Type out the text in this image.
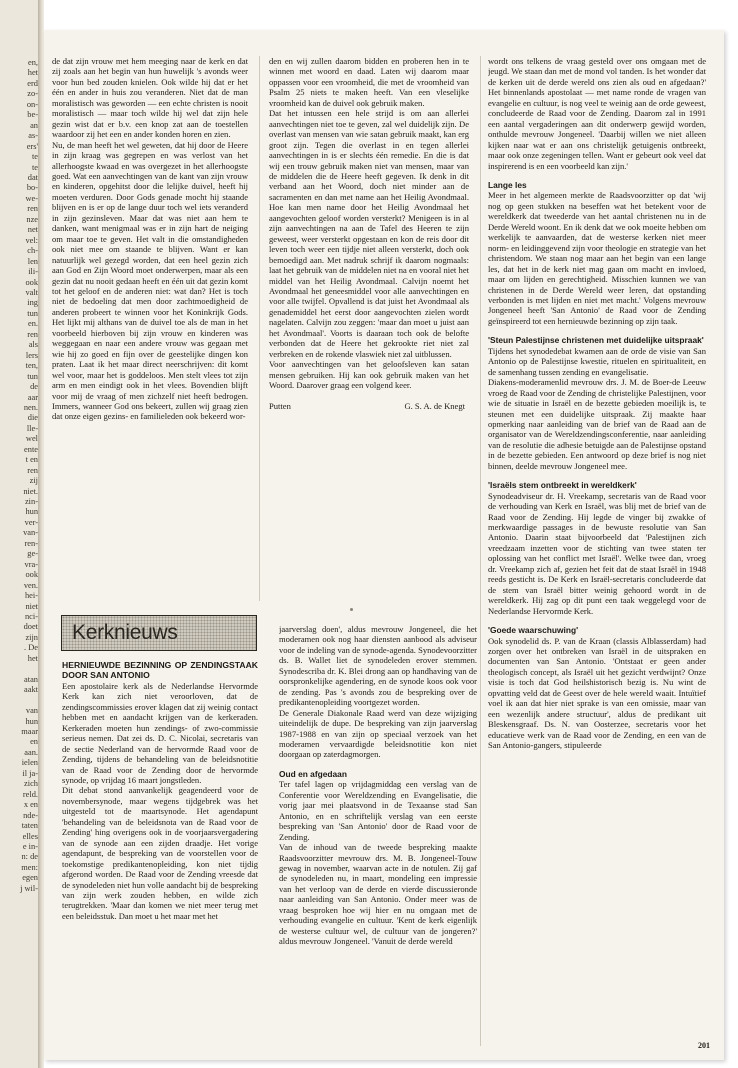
en,
het
erd
zo-
on-
be-
an
as-
ers'
te
te
dat
bo-
we-
ren
nze
net
vel:
ch-
len
ili-
ook
valt
ing
tun
en.
ren
als
lers
ten,
tun
de
aar
nen.
die
lle-
wel
ente
t en
ren
zij
niet.
zin-
hun
ver-
van-
ren-
ge-
vra-
ook
ven.
hei-
niet
nci-
doet
zijn
. De
het

atan
aakt

van
hun
maar
en
aan.
ielen
il ja-
zich
reld.
x en
nde-
taten
elles
e in-
n: de
men:
egen
j wil-

de dat zijn vrouw met hem meeging naar de kerk en dat zij zoals aan het begin van hun huwelijk 's avonds weer voor hun bed zouden knielen. Ook wilde hij dat er het één en ander in huis zou veranderen. Niet dat de man moralistisch was geworden — een echte christen is nooit moralistisch — maar toch wilde hij wel dat zijn hele gezin wist dat er b.v. een knop zat aan de toestellen waardoor zij het een en ander konden horen en zien.

Nu, de man heeft het wel geweten, dat hij door de Heere in zijn kraag was gegrepen en was verlost van het allerhoogste kwaad en was overgezet in het allerhoogste goed. Wat een aanvechtingen van de kant van zijn vrouw en kinderen, opgehitst door die lelijke duivel, heeft hij moeten verduren. Door Gods genade mocht hij staande blijven en is er op de lange duur toch wel iets veranderd in zijn gezinsleven. Maar dat was niet aan hem te danken, want menigmaal was er in zijn hart de neiging om maar toe te geven. Het valt in die omstandigheden ook niet mee om staande te blijven. Want er kan natuurlijk wel gezegd worden, dat een heel gezin zich aan God en Zijn Woord moet onderwerpen, maar als een gezin dat nu nooit gedaan heeft en één uit dat gezin komt tot het geloof en de anderen niet: wat dan? Het is toch niet de bedoeling dat men door zachtmoedigheid de anderen probeert te winnen voor het Koninkrijk Gods. Het lijkt mij althans van de duivel toe als de man in het voorbeeld hierboven bij zijn vrouw en kinderen was weggegaan en naar een andere vrouw was gegaan met wie hij zo goed en fijn over de geestelijke dingen kon praten. Laat ik het maar direct neerschrijven: dit komt wel voor, maar het is goddeloos. Men stelt vlees tot zijn arm en men eindigt ook in het vlees. Bovendien blijft voor mij de vraag of men zichzelf niet heeft bedrogen. Immers, wanneer God ons bekeert, zullen wij graag zien dat onze eigen gezins- en familieleden ook bekeerd wor-

den en wij zullen daarom bidden en proberen hen in te winnen met woord en daad. Laten wij daarom maar oppassen voor een vroomheid, die met de vroomheid van Psalm 25 niets te maken heeft. Van een vleselijke vroomheid kan de duivel ook gebruik maken.

Dat het intussen een hele strijd is om aan allerlei aanvechtingen niet toe te geven, zal wel duidelijk zijn. De overlast van mensen van wie satan gebruik maakt, kan erg groot zijn. Tegen die overlast in en tegen allerlei aanvechtingen in is er slechts één remedie. En die is dat wij een trouw gebruik maken niet van mensen, maar van de middelen die de Heere heeft gegeven. Ik denk in dit verband aan het Woord, doch niet minder aan de sacramenten en dan met name aan het Heilig Avondmaal. Hoe kan men name door het Heilig Avondmaal het aangevochten geloof worden versterkt? Menigeen is in al zijn aanvechtingen na aan de Tafel des Heeren te zijn geweest, weer versterkt opgestaan en kon de reis door dit leven toch weer een tijdje niet alleen versterkt, doch ook bemoedigd aan. Met nadruk schrijf ik daarom nogmaals: laat het gebruik van de middelen niet na en vooral niet het middel van het Heilig Avondmaal. Calvijn noemt het Avondmaal het geneesmiddel voor alle aanvechtingen en voor alle twijfel. Opvallend is dat juist het Avondmaal als genademiddel het eerst door aangevochten zielen wordt nagelaten. Calvijn zou zeggen: 'maar dan moet u juist aan het Avondmaal'. Voorts is daaraan toch ook de belofte verbonden dat de Heere het gekrookte riet niet zal verbreken en de rokende vlaswiek niet zal uitblussen.

Voor aanvechtingen van het geloofsleven kan satan mensen gebruiken. Hij kan ook gebruik maken van het Woord. Daarover graag een volgend keer.

Putten	G. S. A. de Knegt

Kerknieuws

HERNIEUWDE BEZINNING OP ZENDINGSTAAK DOOR SAN ANTONIO

Een apostolaire kerk als de Nederlandse Hervormde Kerk kan zich niet veroorloven, dat de zendingscommissies erover klagen dat zij weinig contact hebben met en aandacht krijgen van de kerkeraden. Kerkeraden moeten hun zendings- of zwo-commissie serieus nemen. Dat zei ds. D. C. Nicolai, secretaris van de sectie Nederland van de hervormde Raad voor de Zending, tijdens de behandeling van de beleidsnotitie van de Raad voor de Zending door de hervormde synode, op vrijdag 16 maart jongstleden.

Dit debat stond aanvankelijk geagendeerd voor de novembersynode, maar wegens tijdgebrek was het uitgesteld tot de maartsynode. Het agendapunt 'behandeling van de beleidsnota van de Raad voor de Zending' hing overigens ook in de voorjaarsvergadering van de synode aan een zijden draadje. Het vorige agendapunt, de bespreking van de voorstellen voor de toekomstige predikantenopleiding, kon niet tijdig afgerond worden. De Raad voor de Zending vreesde dat de synodeleden niet hun volle aandacht bij de bespreking van zijn werk zouden hebben, en wilde zich terugtrekken. 'Maar dan komen we niet meer terug met een beleidsstuk. Dan moet u het maar met het

jaarverslag doen', aldus mevrouw Jongeneel, die het moderamen ook nog haar diensten aanbood als adviseur voor de indeling van de synode-agenda. Synodevoorzitter ds. B. Wallet liet de synodeleden erover stemmen. Synodescriba dr. K. Blei drong aan op handhaving van de oorspronkelijke agendering, en de synode koos ook voor de zending. Pas 's avonds zou de bespreking over de predikantenopleiding voortgezet worden.

De Generale Diakonale Raad werd van deze wijziging uiteindelijk de dupe. De bespreking van zijn jaarverslag 1987-1988 en van zijn op speciaal verzoek van het moderamen vervaardigde beleidsnotitie kon niet doorgaan op zaterdagmorgen.

Oud en afgedaan

Ter tafel lagen op vrijdagmiddag een verslag van de Conferentie voor Wereldzending en Evangelisatie, die vorig jaar mei plaatsvond in de Texaanse stad San Antonio, en en schriftelijk verslag van een eerste bespreking van 'San Antonio' door de Raad voor de Zending.

Van de inhoud van de tweede bespreking maakte Raadsvoorzitter mevrouw drs. M. B. Jongeneel-Touw gewag in november, waarvan acte in de notulen. Zij gaf de synodeleden nu, in maart, mondeling een impressie van het verloop van de derde en vierde discussieronde naar aanleiding van San Antonio. Onder meer was de vraag besproken hoe wij hier en nu omgaan met de verhouding evangelie en cultuur. 'Kent de kerk eigenlijk de westerse cultuur wel, de cultuur van de jongeren?' aldus mevrouw Jongeneel. 'Vanuit de derde wereld

wordt ons telkens de vraag gesteld over ons omgaan met de jeugd. We staan dan met de mond vol tanden. Is het wonder dat de kerken uit de derde wereld ons zien als oud en afgedaan?' Het binnenlands apostolaat — met name ronde de vragen van evangelie en cultuur, is nog veel te weinig aan de orde geweest, concludeerde de Raad voor de Zending. Daarom zal in 1991 een aantal vergaderingen aan dit onderwerp gewijd worden, onthulde mevrouw Jongeneel. 'Daarbij willen we niet alleen kijken naar wat er aan ons christelijk getuigenis ontbreekt, maar ook onze zegeningen tellen. Want er gebeurt ook veel dat inspirerend is en een voorbeeld kan zijn.'

Lange les

Meer in het algemeen merkte de Raadsvoorzitter op dat 'wij nog op geen stukken na beseffen wat het betekent voor de wereldkerk dat tweederde van het aantal christenen nu in de Derde Wereld woont. En ik denk dat we ook moeite hebben om werkelijk te aanvaarden, dat de westerse kerken niet meer norm- en leidinggevend zijn voor theologie en strategie van het christendom. We staan nog maar aan het begin van een lange les, dat het in de kerk niet mag gaan om macht en invloed, maar om lijden en gerechtigheid. Misschien kunnen we van christenen in de Derde Wereld weer leren, dat opstanding verbonden is met lijden en niet met macht.' Volgens mevrouw Jongeneel heeft 'San Antonio' de Raad voor de Zending geïnspireerd tot een hernieuwde bezinning op zijn taak.

'Steun Palestijnse christenen met duidelijke uitspraak'

Tijdens het synodedebat kwamen aan de orde de visie van San Antonio op de Palestijnse kwestie, rituelen en spiritualiteit, en de samenhang tussen zending en evangelisatie.

Diakens-moderamenlid mevrouw drs. J. M. de Boer-de Leeuw vroeg de Raad voor de Zending de christelijke Palestijnen, voor wie de situatie in Israël en de bezette gebieden moeilijk is, te steunen met een duidelijke uitspraak. Zij maakte haar opmerking naar aanleiding van de brief van de Raad aan de organisator van de Wereldzendingsconferentie, naar aanleiding van de resolutie die adhesie betuigde aan de Palestijnse opstand in de bezette gebieden. Een antwoord op deze brief is nog niet binnen, deelde mevrouw Jongeneel mee.

'Israëls stem ontbreekt in wereldkerk'

Synodeadviseur dr. H. Vreekamp, secretaris van de Raad voor de verhouding van Kerk en Israël, was blij met de brief van de Raad voor de Zending. Hij legde de vinger bij zwakke of merkwaardige passages in de bewuste resolutie van San Antonio. Daarin staat bijvoorbeeld dat 'Palestijnen zich vreedzaam inzetten voor de stichting van twee staten ter oplossing van het conflict met Israël'. Welke twee dan, vroeg dr. Vreekamp zich af, gezien het feit dat de staat Israël in 1948 reeds gesticht is. De Kerk en Israël-secretaris concludeerde dat de stem van Israël bitter weinig gehoord wordt in de wereldkerk. Hij zag op dit punt een taak weggelegd voor de Nederlandse Hervormde Kerk.

'Goede waarschuwing'

Ook synodelid ds. P. van de Kraan (classis Alblasserdam) had zorgen over het ontbreken van Israël in de uitspraken en documenten van San Antonio. 'Ontstaat er geen ander theologisch concept, als Israël uit het gezicht verdwijnt? Onze visie is toch dat God heilshistorisch bezig is. Nu wint de opvatting veld dat de Geest over de hele wereld waait. Intuïtief voel ik aan dat hier niet sprake is van een omissie, maar van een wezenlijk andere structuur', aldus de predikant uit Bleskensgraaf. Ds. N. van Oosterzee, secretaris voor het educatieve werk van de Raad voor de Zending, en een van de San Antonio-gangers, stipuleerde

201
